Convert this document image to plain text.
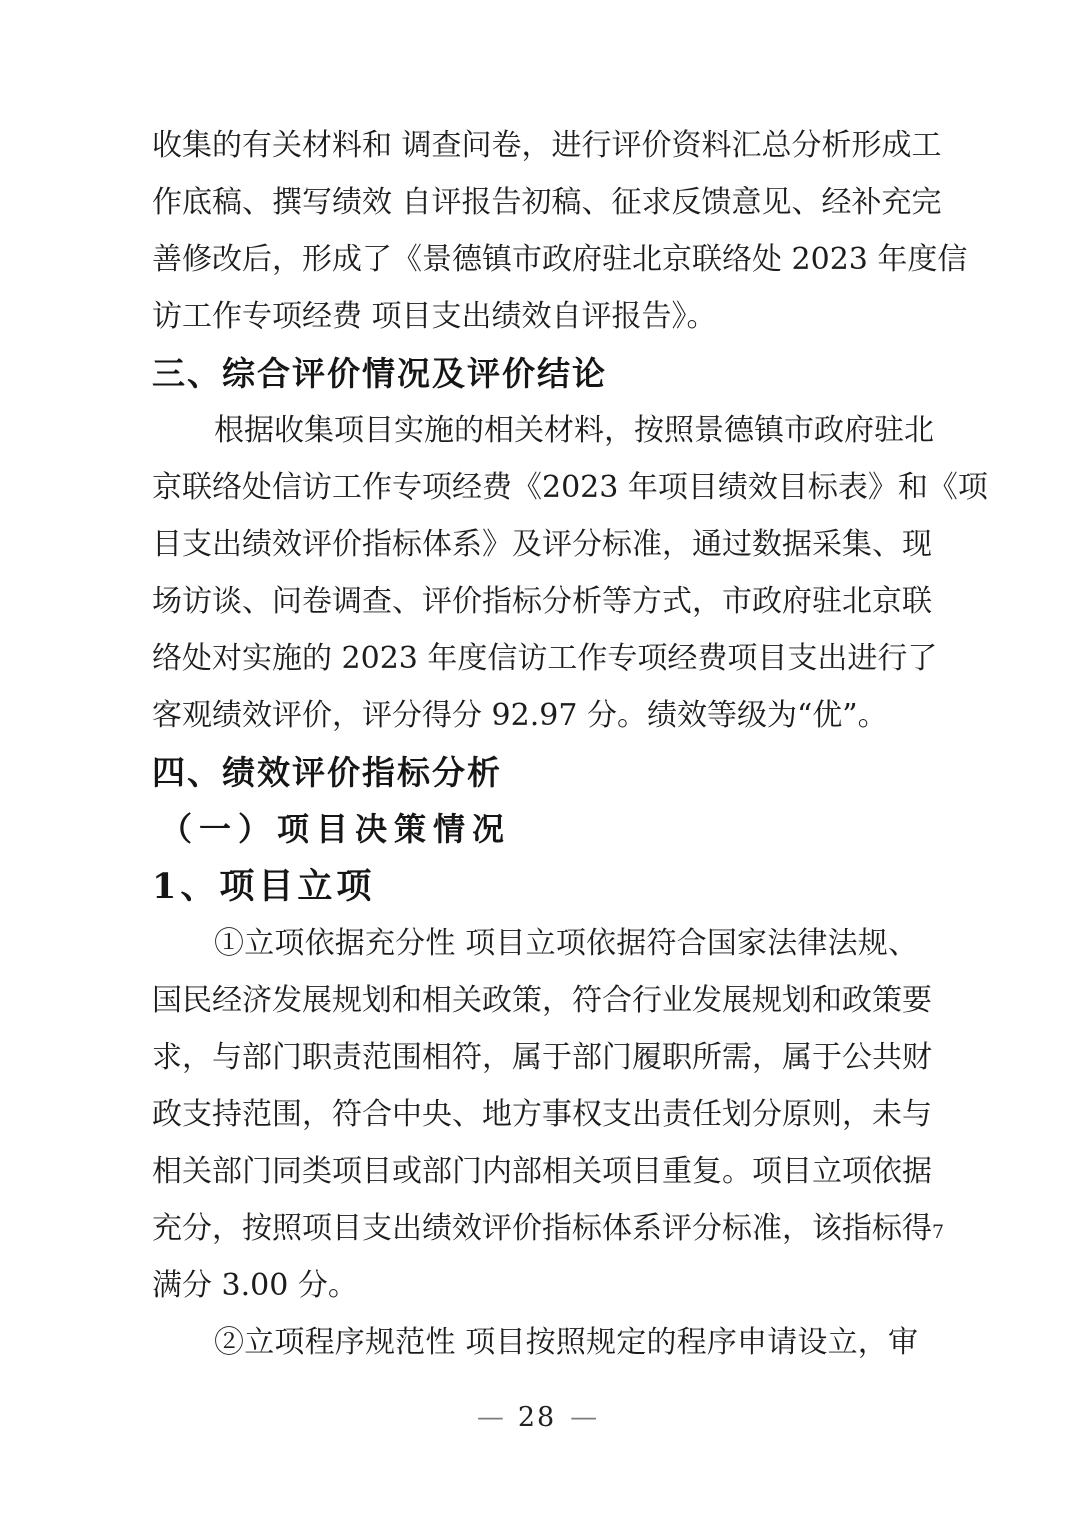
收集的有关材料和 调查问卷，进行评价资料汇总分析形成工
作底稿、撰写绩效 自评报告初稿、征求反馈意见、经补充完
善修改后，形成了《景德镇市政府驻北京联络处 2023 年度信
访工作专项经费 项目支出绩效自评报告》。
三、综合评价情况及评价结论
根据收集项目实施的相关材料，按照景德镇市政府驻北
京联络处信访工作专项经费《2023 年项目绩效目标表》和《项
目支出绩效评价指标体系》及评分标准，通过数据采集、现
场访谈、问卷调查、评价指标分析等方式，市政府驻北京联
络处对实施的 2023 年度信访工作专项经费项目支出进行了
客观绩效评价，评分得分 92.97 分。绩效等级为“优”。
四、绩效评价指标分析
（一）项目决策情况
1、项目立项
①立项依据充分性 项目立项依据符合国家法律法规、
国民经济发展规划和相关政策，符合行业发展规划和政策要
求，与部门职责范围相符，属于部门履职所需，属于公共财
政支持范围，符合中央、地方事权支出责任划分原则，未与
相关部门同类项目或部门内部相关项目重复。项目立项依据
充分，按照项目支出绩效评价指标体系评分标准，该指标得7
满分 3.00 分。
②立项程序规范性 项目按照规定的程序申请设立，审
— 28 —
